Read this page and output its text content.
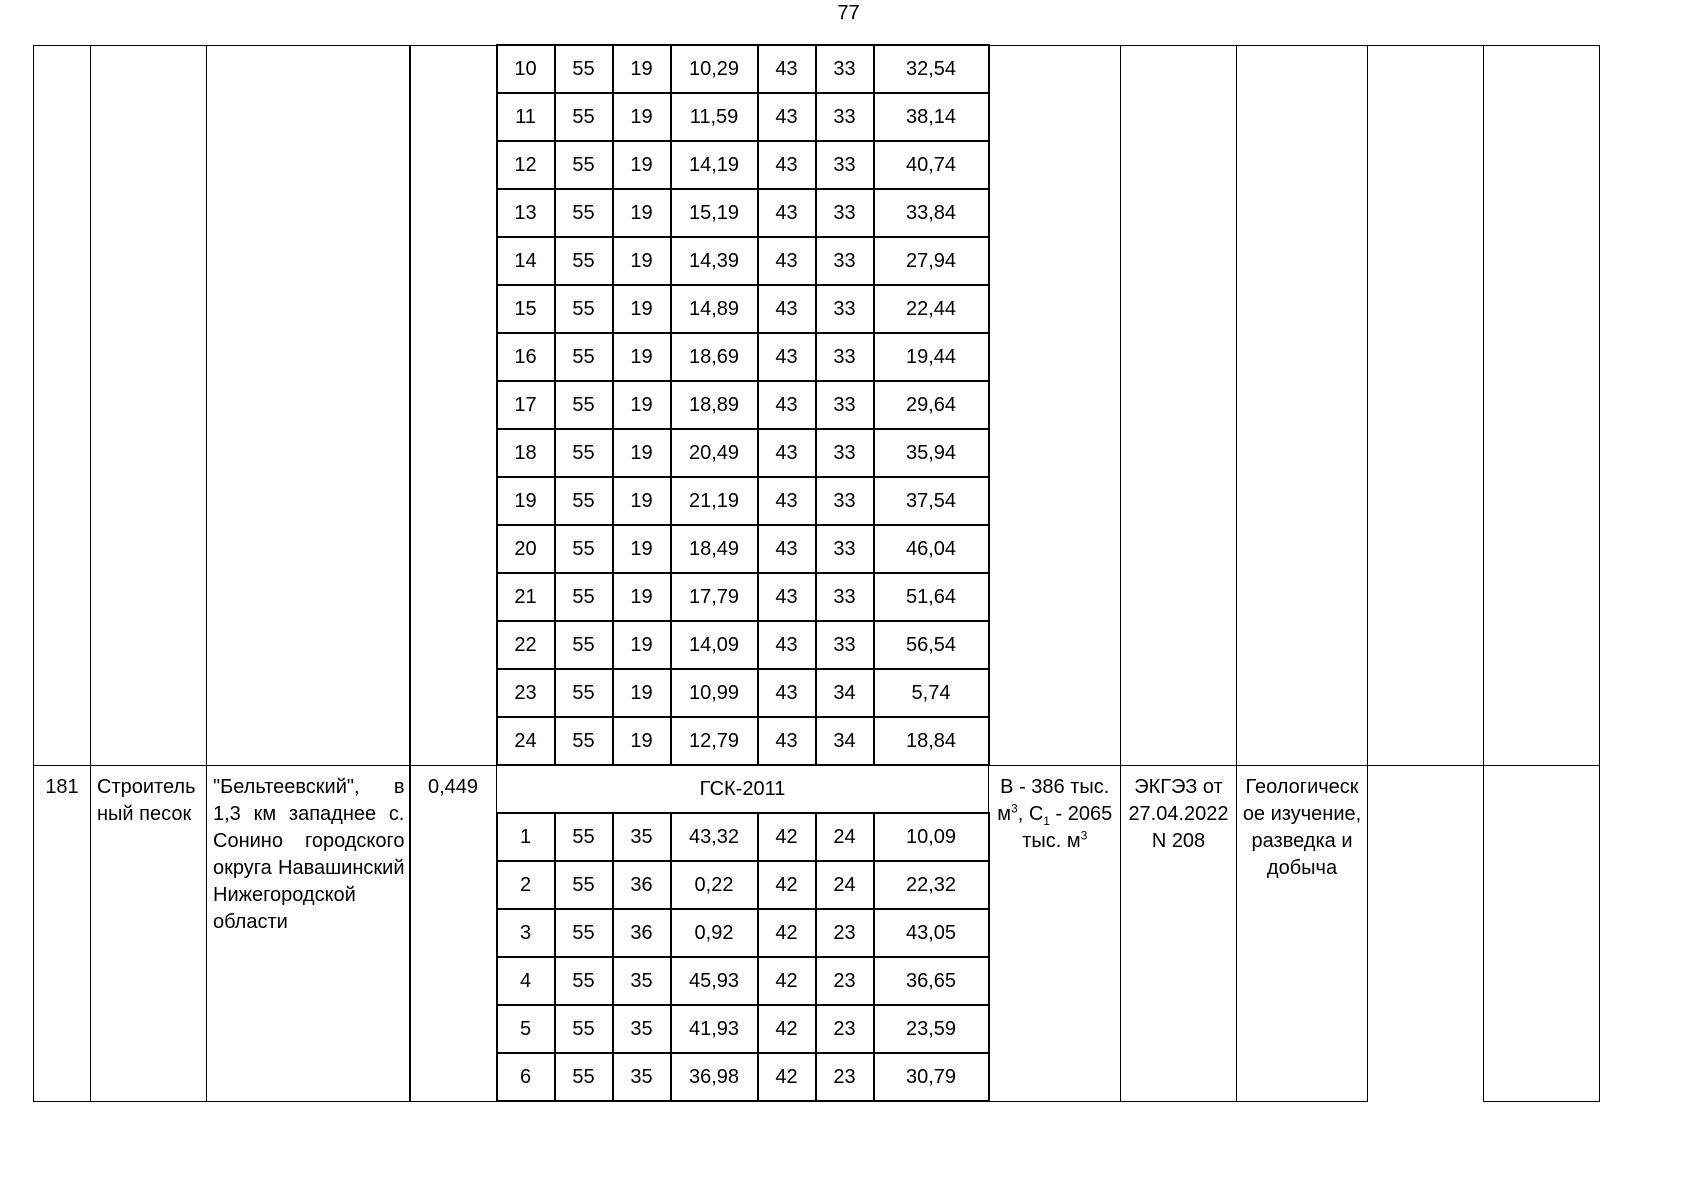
77
				10	55	19	10,29	43	33	32,54					
				11	55	19	11,59	43	33	38,14					
				12	55	19	14,19	43	33	40,74					
				13	55	19	15,19	43	33	33,84					
				14	55	19	14,39	43	33	27,94					
				15	55	19	14,89	43	33	22,44					
				16	55	19	18,69	43	33	19,44					
				17	55	19	18,89	43	33	29,64					
				18	55	19	20,49	43	33	35,94					
				19	55	19	21,19	43	33	37,54					
				20	55	19	18,49	43	33	46,04					
				21	55	19	17,79	43	33	51,64					
				22	55	19	14,09	43	33	56,54					
				23	55	19	10,99	43	34	5,74					
				24	55	19	12,79	43	34	18,84					
181	Строитель ный песок	"Бельтеевский", в 1,3 км западнее с. Сонино городского округа Навашинский Нижегородской области	0,449	ГСК-2011							B - 386 тыс. $м^3$, $C_1 - 2065$ тыс. $м^3$	ЭКГЭЗ от 27.04.2022 N 208	Геологическ ое изучение, разведка и добыча		
				1	55	35	43,32	42	24	10,09					
				2	55	36	0,22	42	24	22,32					
				3	55	36	0,92	42	23	43,05					
				4	55	35	45,93	42	23	36,65					
				5	55	35	41,93	42	23	23,59					
				6	55	35	36,98	42	23	30,79					
